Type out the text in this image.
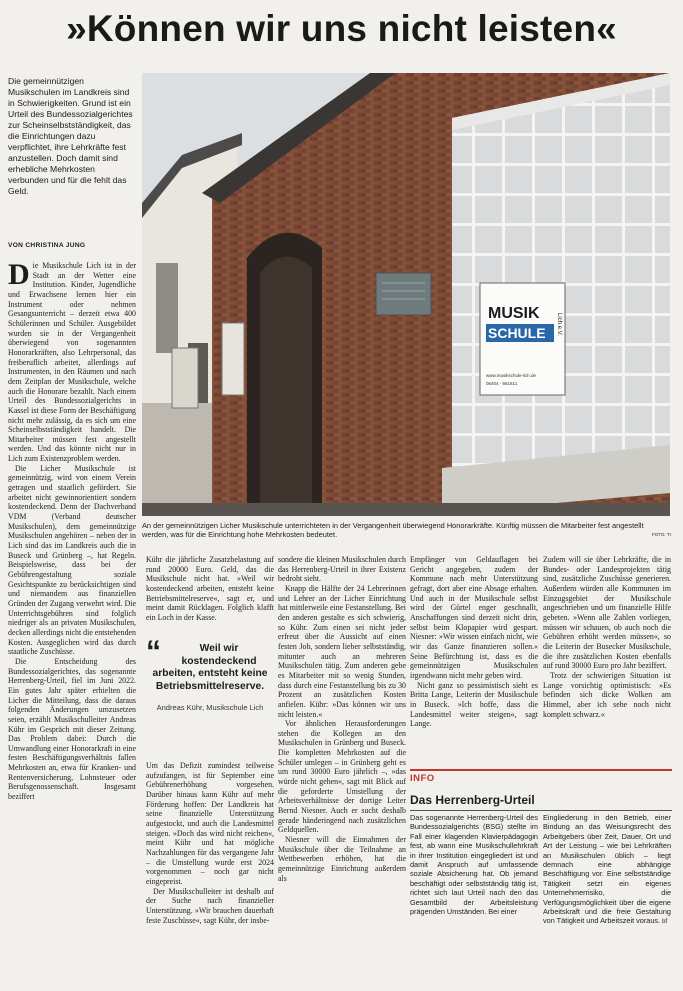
»Können wir uns nicht leisten«
Die gemeinnützigen Musikschulen im Landkreis sind in Schwierigkeiten. Grund ist ein Urteil des Bundessozialgerichtes zur Scheinselbstständigkeit, das die Einrichtungen dazu verpflichtet, ihre Lehrkräfte fest anzustellen. Doch damit sind erhebliche Mehrkosten verbunden und für die fehlt das Geld.
VON CHRISTINA JUNG
MUSIK
SCHULE Lich e.V.
www.musikschule-lich.de
06404 - 661611
An der gemeinnützigen Licher Musikschule unterrichteten in der Vergangenheit überwiegend Honorarkräfte. Künftig müssen die Mitarbeiter fest angestellt werden, was für die Einrichtung hohe Mehrkosten bedeutet.	FOTO: TI

Die Musikschule Lich ist in der Stadt an der Wetter eine Institution. Kinder, Jugendliche und Erwachsene lernen hier ein Instrument oder nehmen Gesangsunterricht – derzeit etwa 400 Schülerinnen und Schüler. Ausgebildet wurden sie in der Vergangenheit überwiegend von sogenannten Honorarkräften, also Lehrpersonal, das freiberuflich arbeitet, allerdings auf Instrumenten, in den Räumen und nach dem Zeitplan der Musikschule, welche auch die Honorare bezahlt. Nach einem Urteil des Bundessozialgerichts in Kassel ist diese Form der Beschäftigung nicht mehr zulässig, da es sich um eine Scheinselbstständigkeit handelt. Die Mitarbeiter müssen fest angestellt werden. Und das könnte nicht nur in Lich zum Existenzproblem werden.

Die Licher Musikschule ist gemeinnützig, wird von einem Verein getragen und staatlich gefördert. Sie arbeitet nicht gewinnorientiert sondern kostendeckend. Denn der Dachverband VDM (Verband deutscher Musikschulen), dem gemeinnützige Musikschulen angehören – neben der in Lich sind das im Landkreis auch die in Buseck und Grünberg –, hat Regeln. Beispielsweise, dass bei der Gebührengestaltung soziale Gesichtspunkte zu berücksichtigen sind und niemandem aus finanziellen Gründen der Zugang verwehrt wird. Die Unterrichtsgebühren sind folglich niedriger als an privaten Musikschulen, decken allerdings nicht die entstehenden Kosten. Ausgeglichen wird das durch staatliche Zuschüsse.

Die Entscheidung des Bundessozialgerichtes, das sogenannte Herrenberg-Urteil, fiel im Juni 2022. Ein gutes Jahr später erhielten die Licher die Mitteilung, dass die daraus folgenden Änderungen umzusetzen seien, erzählt Musikschulleiter Andreas Kühr im Gespräch mit dieser Zeitung. Das Problem dabei: Durch die Umwandlung einer Honorarkraft in eine festen Beschäftigungsverhältnis fallen Mehrkosten an, etwa für Kranken- und Rentenversicherung, Lohnsteuer oder Berufsgenossenschaft. Insgesamt beziffert

Kühr die jährliche Zusatzbelastung auf rund 20000 Euro. Geld, das die Musikschule nicht hat. »Weil wir kostendeckend arbeiten, entsteht keine Betriebsmittelreserve«, sagt er, und meint damit Rücklagen. Folglich klafft ein Loch in der Kasse.

“	Weil wir kostendeckend arbeiten, entsteht keine Betriebsmittelreserve.
Andreas Kühr, Musikschule Lich

Um das Defizit zumindest teilweise aufzufangen, ist für September eine Gebührenerhöhung vorgesehen. Darüber hinaus kann Kühr auf mehr Förderung hoffen: Der Landkreis hat seine finanzielle Unterstützung aufgestockt, und auch die Landesmittel steigen. »Doch das wird nicht reichen«, meint Kühr und hat mögliche Nachzahlungen für das vergangene Jahr – die Umstellung wurde erst 2024 vorgenommen – noch gar nicht eingepreist.

Der Musikschulleiter ist deshalb auf der Suche nach finanzieller Unterstützung. »Wir brauchen dauerhaft feste Zuschüsse«, sagt Kühr, der insbe-

sondere die kleinen Musikschulen durch das Herrenberg-Urteil in ihrer Existenz bedroht sieht.

Knapp die Hälfte der 24 Lehrerinnen und Lehrer an der Licher Einrichtung hat mittlerweile eine Festanstellung. Bei den anderen gestalte es sich schwierig, so Kühr. Zum einen sei nicht jeder erfreut über die Aussicht auf einen festen Job, sondern lieber selbstständig, mitunter auch an mehreren Musikschulen tätig. Zum anderen gebe es Mitarbeiter mit so wenig Stunden, dass durch eine Festanstellung bis zu 30 Prozent an zusätzlichen Kosten anfielen. Kühr: »Das können wir uns nicht leisten.«

Vor ähnlichen Herausforderungen stehen die Kollegen an den Musikschulen in Grünberg und Buseck. Die kompletten Mehrkosten auf die Schüler umlegen – in Grünberg geht es um rund 30000 Euro jährlich –, »das würde nicht gehen«, sagt mit Blick auf die geforderte Umstellung der Arbeitsverhältnisse der dortige Leiter Bernd Niesner. Auch er sucht deshalb gerade händeringend nach zusätzlichen Geldquellen.

Niesner will die Einnahmen der Musikschule über die Teilnahme an Wettbewerben erhöhen, hat die gemeinnützige Einrichtung außerdem als

Empfänger von Geldauflagen bei Gericht angegeben, zudem der Kommune nach mehr Unterstützung gefragt, dort aber eine Absage erhalten. Und auch in der Musikschule selbst wird der Gürtel enger geschnallt, Anschaffungen sind derzeit nicht drin, selbst beim Klopapier wird gespart. Niesner: »Wir wissen einfach nicht, wie wir das Ganze finanzieren sollen.« Seine Befürchtung ist, dass es die gemeinnützigen Musikschulen irgendwann nicht mehr geben wird.

Nicht ganz so pessimistisch sieht es Britta Lange, Leiterin der Musikschule in Buseck. »Ich hoffe, dass die Landesmittel weiter steigen«, sagt Lange.

Zudem will sie über Lehrkräfte, die in Bundes- oder Landesprojekten tätig sind, zusätzliche Zuschüsse generieren. Außerdem würden alle Kommunen im Einzugsgebiet der Musikschule angeschrieben und um finanzielle Hilfe gebeten. »Wenn alle Zahlen vorliegen, müssen wir schauen, ob auch noch die Gebühren erhöht werden müssen«, so die Leiterin der Busecker Musikschule, die ihre zusätzlichen Kosten ebenfalls auf rund 30000 Euro pro Jahr beziffert.

Trotz der schwierigen Situation ist Lange vorsichtig optimistisch: »Es befinden sich dicke Wolken am Himmel, aber ich sehe noch nicht komplett schwarz.«

INFO
Das Herrenberg-Urteil
Das sogenannte Herrenberg-Urteil des Bundessozialgerichts (BSG) stellte im Fall einer klagenden Klavierpädagogin fest, ab wann eine Musikschullehrkraft in ihrer Institution eingegliedert ist und damit Anspruch auf umfassende soziale Absicherung hat. Ob jemand beschäftigt oder selbstständig tätig ist, richtet sich laut Urteil nach den das Gesamtbild der Arbeitsleistung prägenden Umständen. Bei einer
Eingliederung in den Betrieb, einer Bindung an das Weisungsrecht des Arbeitgebers über Zeit, Dauer, Ort und Art der Leistung – wie bei Lehrkräften an Musikschulen üblich – liegt demnach eine abhängige Beschäftigung vor. Eine selbstständige Tätigkeit setzt ein eigenes Unternehmerrisiko, die Verfügungsmöglichkeit über die eigene Arbeitskraft und die freie Gestaltung von Tätigkeit und Arbeitszeit voraus. bf
